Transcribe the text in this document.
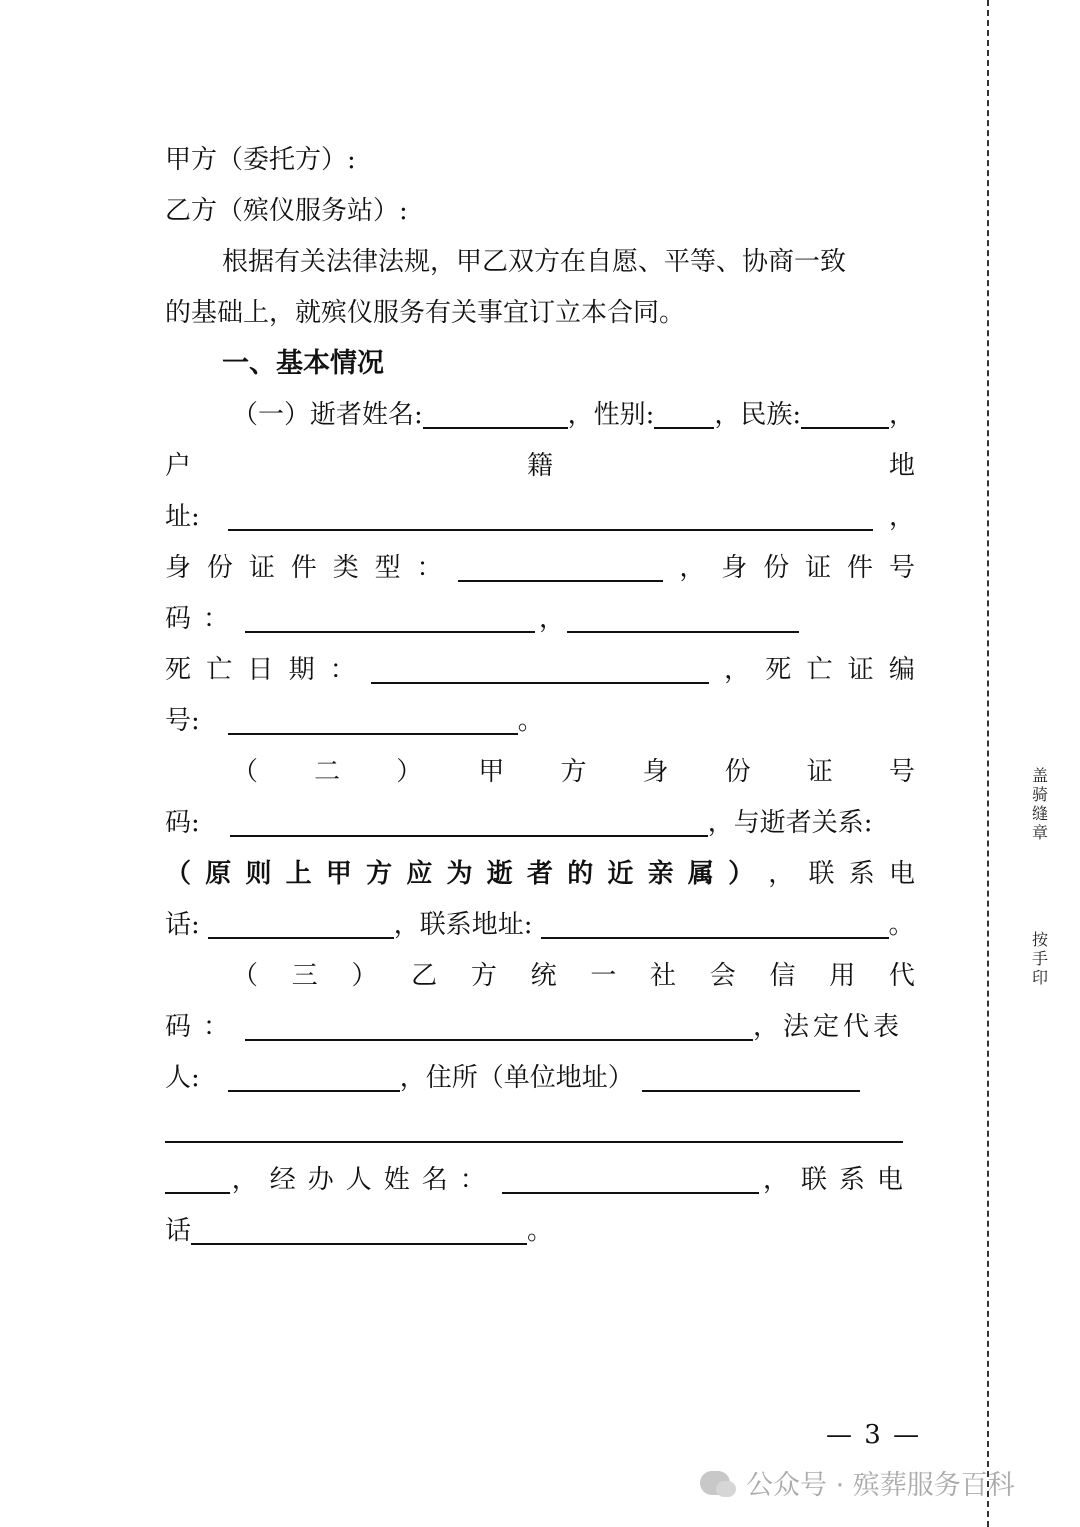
甲方（委托方）:
乙方（殡仪服务站）:
根据有关法律法规，甲乙双方在自愿、平等、协商一致
的基础上，就殡仪服务有关事宜订立本合同。
一、基本情况
（一）逝者姓名:	，性别: ，民族:	，
户	籍	地
址:	，
身 份 证 件 类 型 ：	， 身 份 证 件 号
码：	，
死 亡 日 期 ：	， 死 亡 证 编
号:	。
（ 二 ） 甲 方 身 份 证 号
码:	，与逝者关系:
（ 原 则 上 甲 方 应 为 逝 者 的 近 亲 属 ） ， 联 系 电
话:	，联系地址:	。
（ 三 ） 乙 方 统 一 社 会 信 用 代
码：	，法定代表
人:	，住所（单位地址）
，经办人姓名：	，联系电
话	。
盖骑缝章
按手印
— 3 —
公众号 · 殡葬服务百科
